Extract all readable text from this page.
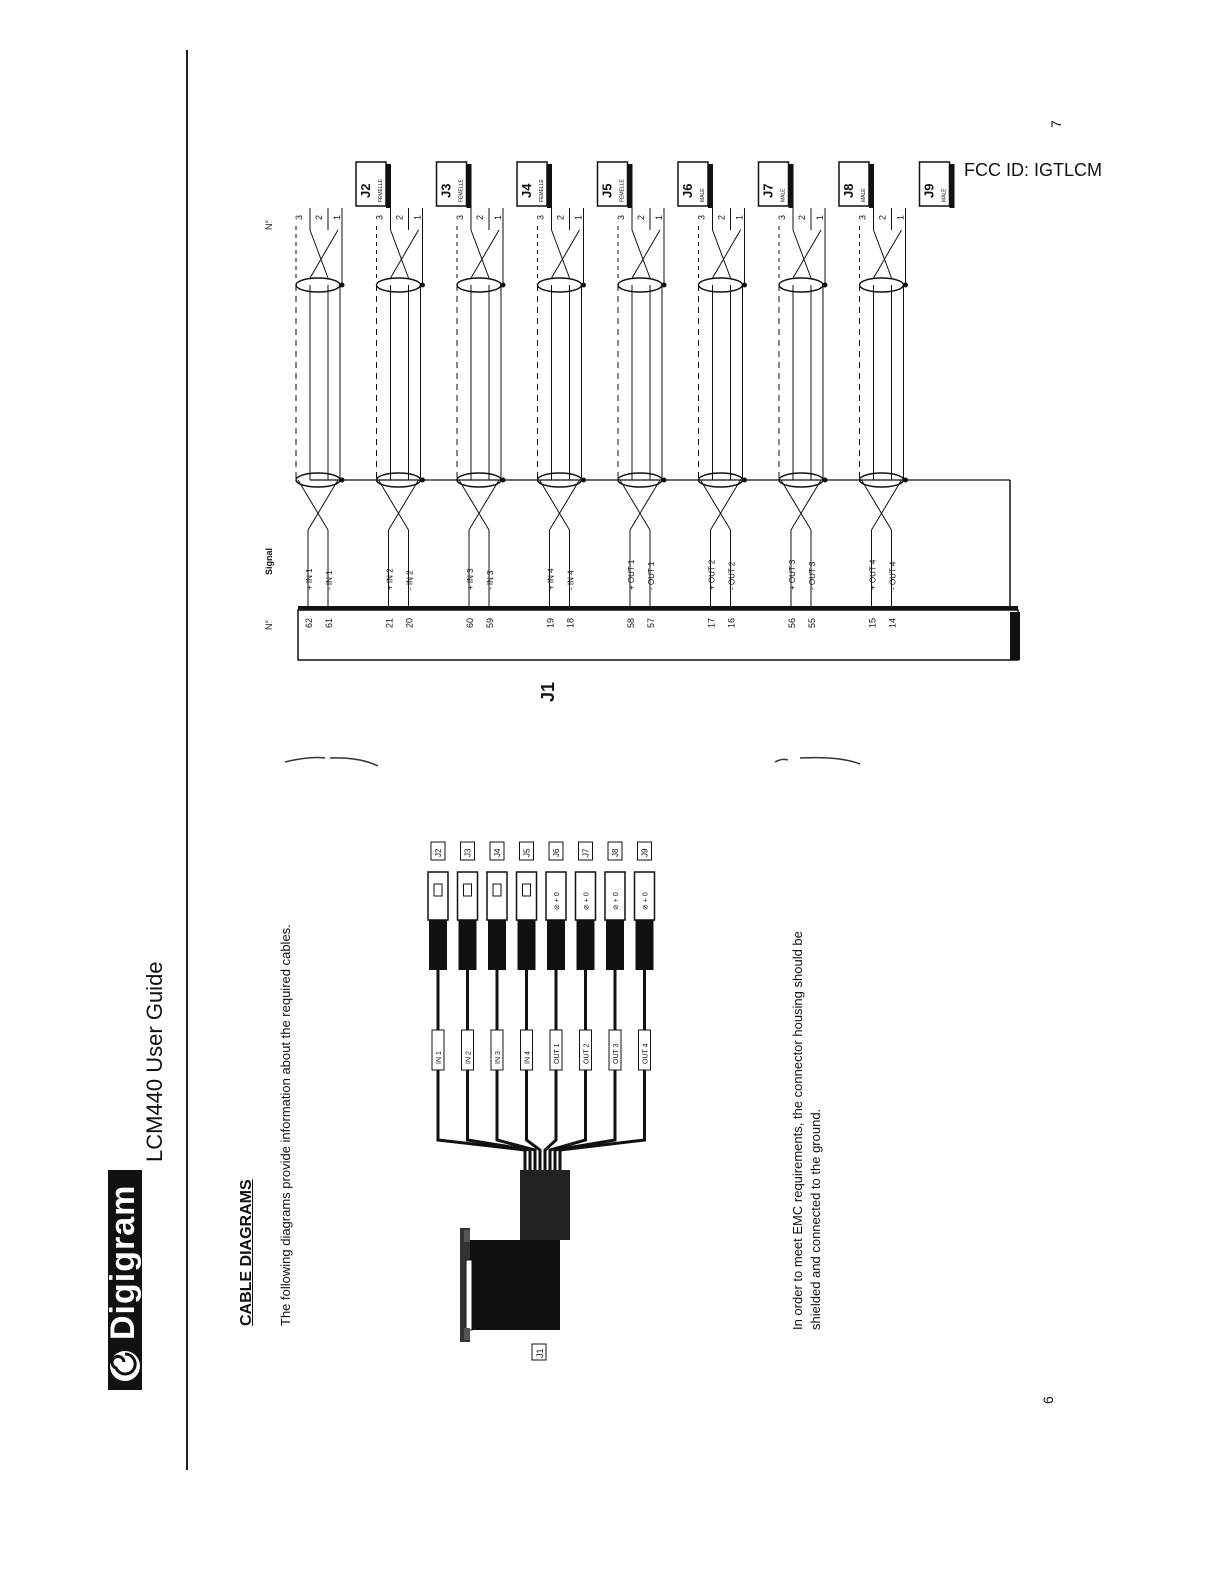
Digigram
LCM440 User Guide
6
7
FCC ID: IGTLCM
CABLE DIAGRAMS The following diagrams provide information about the required cables.	In order to meet EMC requirements, the connector housing should be shielded and connected to the ground.
J1
IN 1
J2
IN 2
J3
IN 3
J4
IN 4
J5
OUT 1
⊘ + 0
J6
OUT 2
⊘ + 0
J7
OUT 3
⊘ + 0
J8
OUT 4
⊘ + 0
J9
N°
Signal
N°
J1
62 61
+ IN 1 - IN 1
3 2 1
J2 FEMELLE
21 20
+ IN 2 - IN 2
3 2 1
J3 FEMELLE
60 59
+ IN 3 - IN 3
3 2 1
J4 FEMELLE
19 18
+ IN 4 - IN 4
3 2 1
J5 FEMELLE
58 57
+ OUT 1 - OUT 1
3 2 1
J6 MALE
17 16
+ OUT 2 - OUT 2
3 2 1
J7 MALE
56 55
+ OUT 3 - OUT 3
3 2 1
J8 MALE
15 14
+ OUT 4 - OUT 4
3 2 1
J9 MALE
